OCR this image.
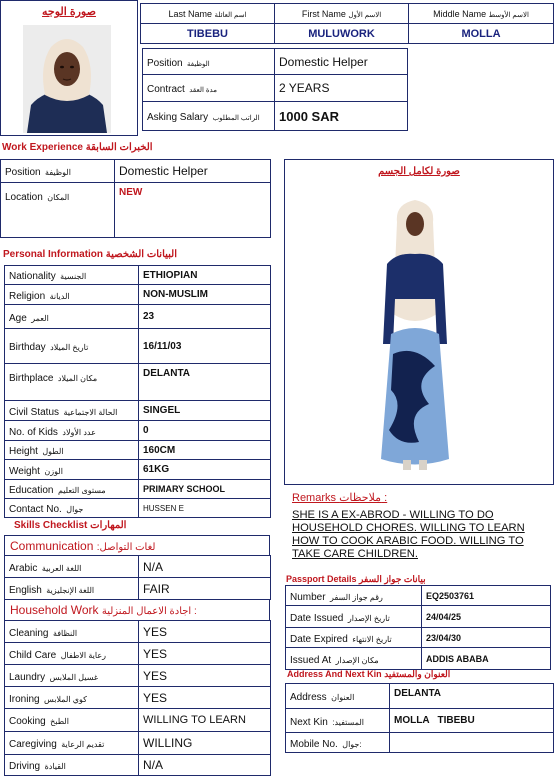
صورة الوجه	Last Name اسم العائلة	First Name الاسم الأول	Middle Name الاسم الأوسط
TIBEBU	MULUWORK	MOLLA
Position الوظيفة	Domestic Helper
Contract مدة العقد	2 YEARS
Asking Salary الراتب المطلوب	1000 SAR
Work Experience الخبرات السابقة
Position الوظيفة	Domestic Helper
Location المكان	NEW
Personal Information البيانات الشخصية
Nationality الجنسية	ETHIOPIAN
Religion الديانة	NON-MUSLIM
Age العمر	23
Birthday تاريخ الميلاد	16/11/03
Birthplace مكان الميلاد	DELANTA
Civil Status الحالة الاجتماعية	SINGEL
No. of Kids عدد الأولاد	0
Height الطول	160CM
Weight الوزن	61KG
Education مستوى التعليم	PRIMARY SCHOOL
Contact No. جوال	HUSSEN E
Skills Checklist المهارات
Communication :لغات التواصل
Arabic اللغة العربية	N/A
English اللغة الإنجليزية	FAIR
Household Work اجادة الاعمال المنزلية :
Cleaning النظافة	YES
Child Care رعاية الاطفال	YES
Laundry غسيل الملابس	YES
Ironing كوي الملابس	YES
Cooking الطبخ	WILLING TO LEARN
Caregiving تقديم الرعاية	WILLING
Driving القيادة	N/A
صورة لكامل الجسم
Remarks ملاحظات :
SHE IS A EX-ABROD - WILLING TO DO
HOUSEHOLD CHORES. WILLING TO LEARN
HOW TO COOK ARABIC FOOD. WILLING TO
TAKE CARE CHILDREN.
Passport Details بيانات جواز السفر
Number رقم جواز السفر	EQ2503761
Date Issued تاريخ الإصدار	24/04/25
Date Expired تاريخ الانتهاء	23/04/30
Issued At مكان الإصدار	ADDIS ABABA
Address And Next Kin العنوان والمستفيد
Address العنوان	DELANTA
Next Kin :المستفيد	MOLLA   TIBEBU
Mobile No. جوال:	
